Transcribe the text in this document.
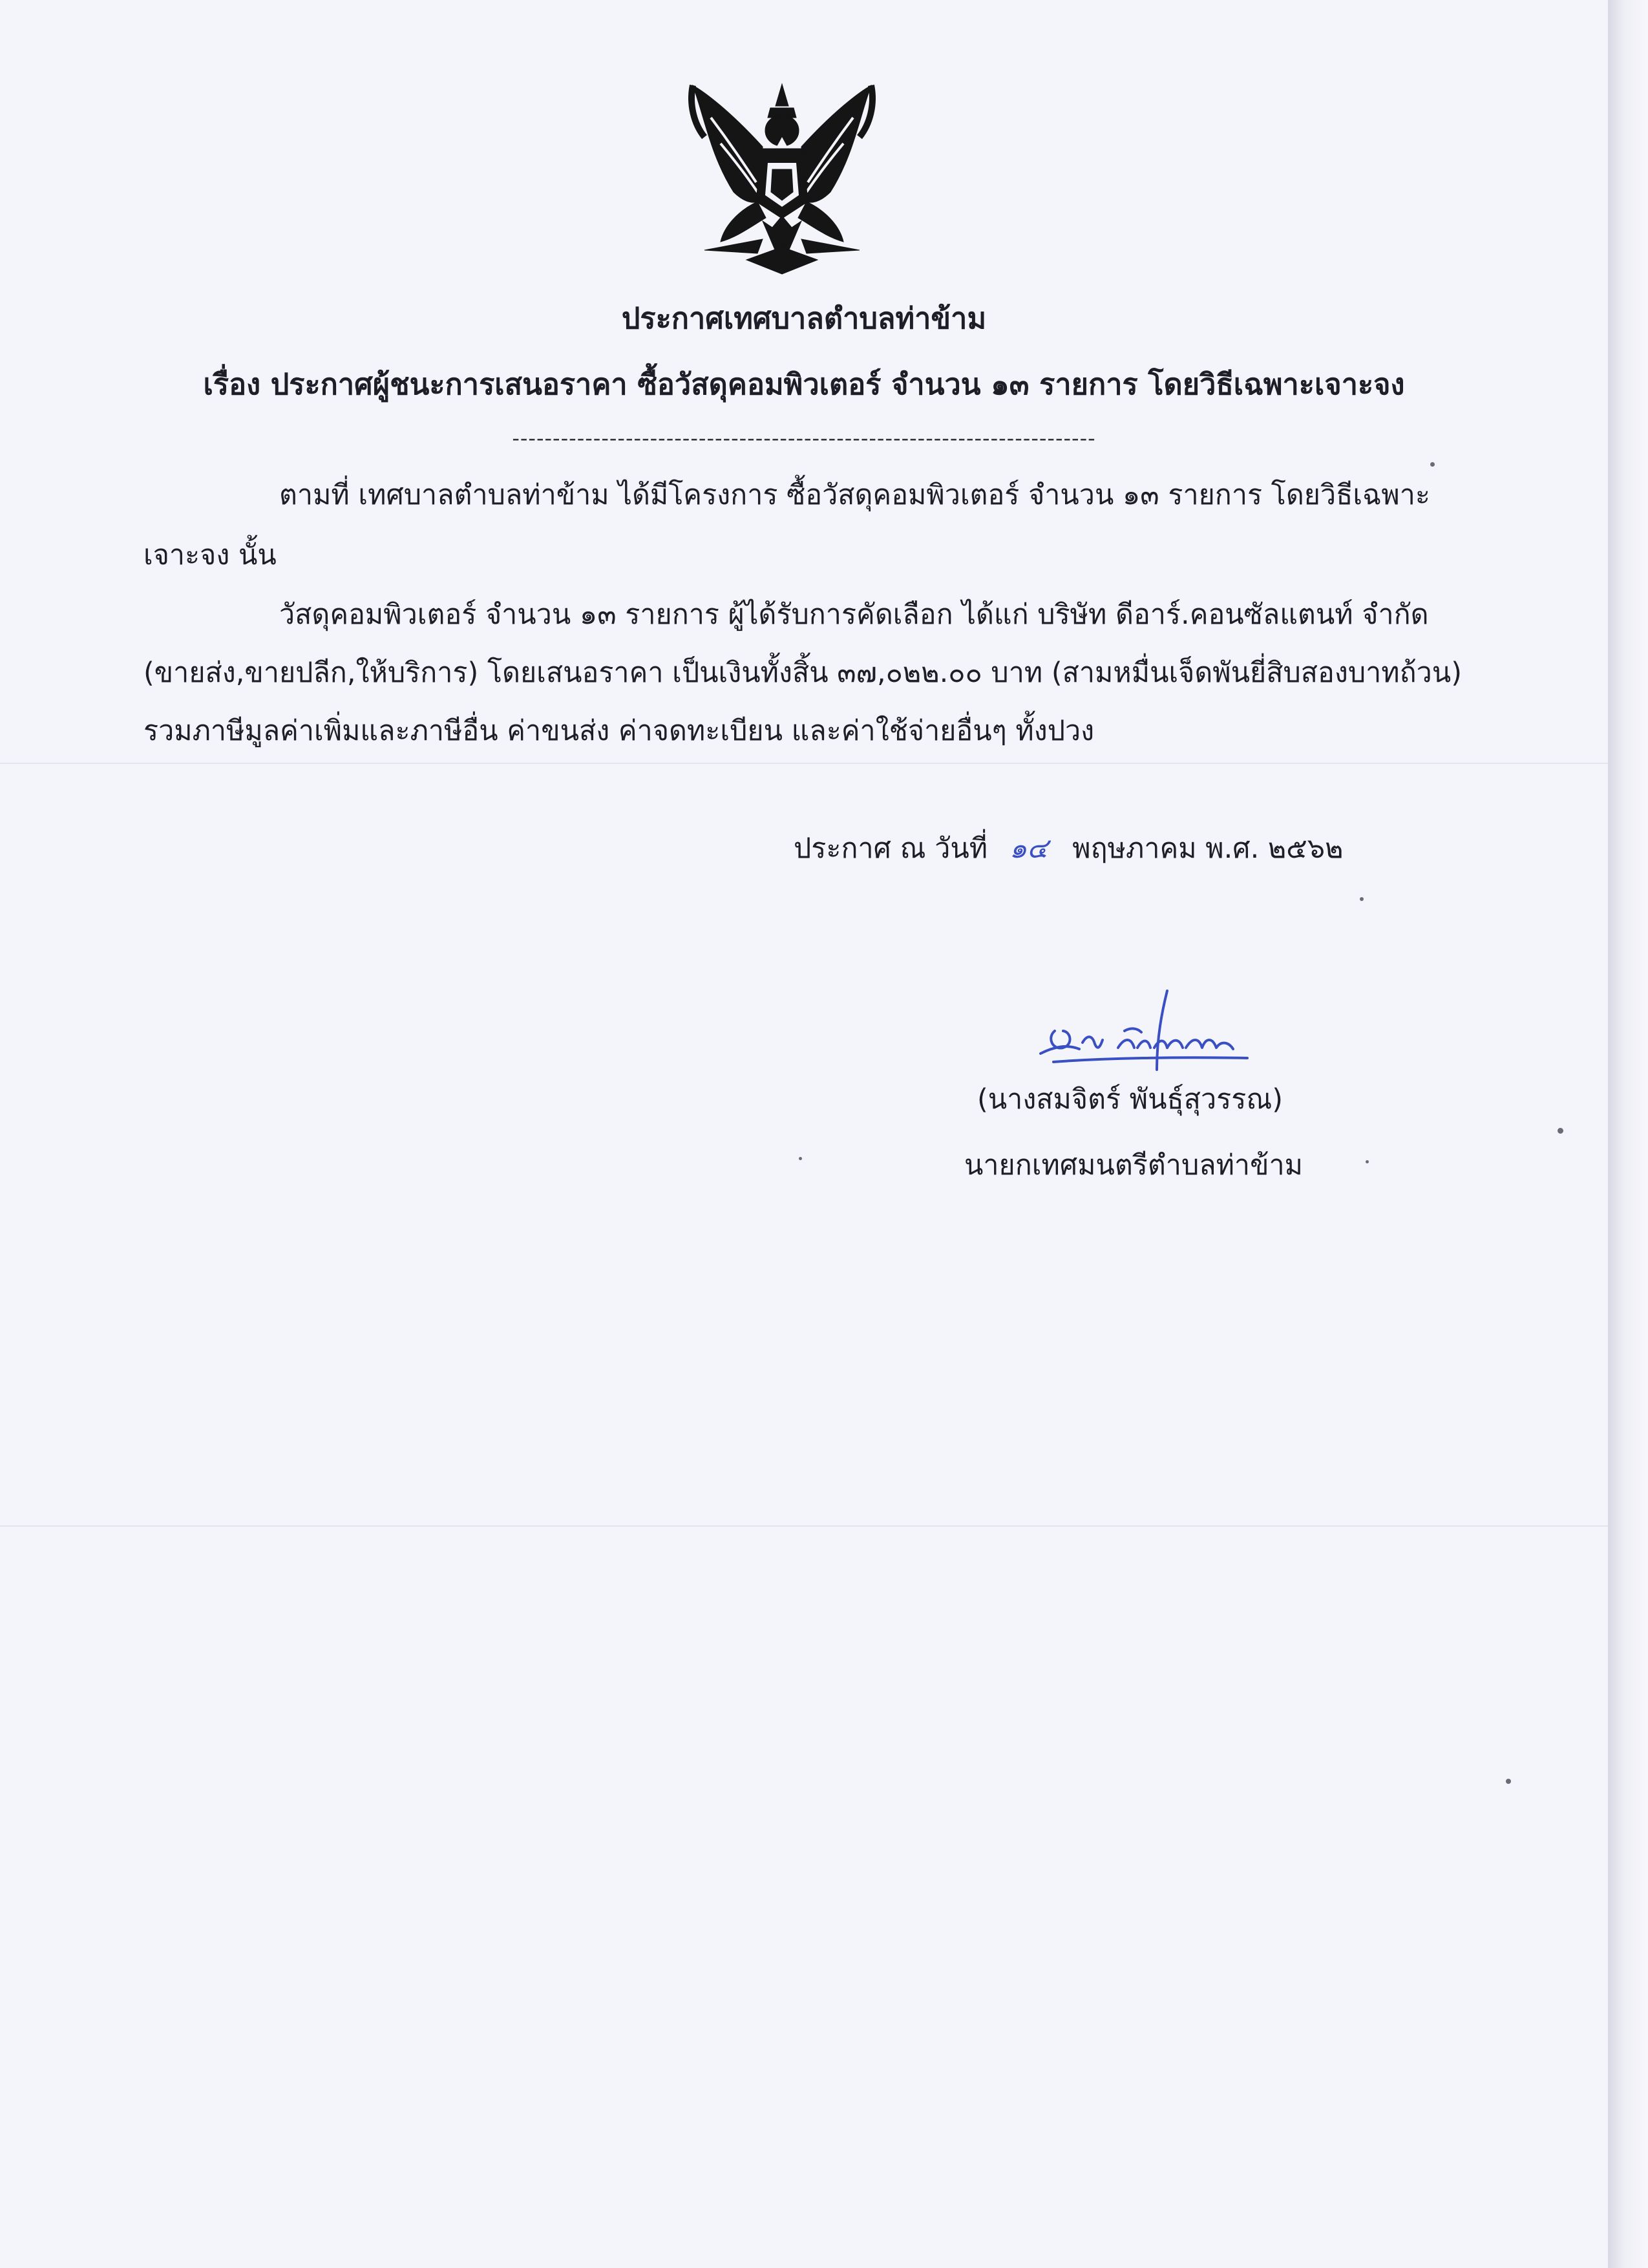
ประกาศเทศบาลตำบลท่าข้าม
เรื่อง ประกาศผู้ชนะการเสนอราคา ซื้อวัสดุคอมพิวเตอร์ จำนวน ๑๓ รายการ โดยวิธีเฉพาะเจาะจง
------------------------------------------------------------------------
ตามที่ เทศบาลตำบลท่าข้าม ได้มีโครงการ ซื้อวัสดุคอมพิวเตอร์ จำนวน ๑๓ รายการ โดยวิธีเฉพาะ
เจาะจง นั้น
วัสดุคอมพิวเตอร์ จำนวน ๑๓ รายการ ผู้ได้รับการคัดเลือก ได้แก่ บริษัท ดีอาร์.คอนซัลแตนท์ จำกัด
(ขายส่ง,ขายปลีก,ให้บริการ) โดยเสนอราคา เป็นเงินทั้งสิ้น ๓๗,๐๒๒.๐๐ บาท (สามหมื่นเจ็ดพันยี่สิบสองบาทถ้วน)
รวมภาษีมูลค่าเพิ่มและภาษีอื่น ค่าขนส่ง ค่าจดทะเบียน และค่าใช้จ่ายอื่นๆ ทั้งปวง
ประกาศ ณ วันที่ ๑๔ พฤษภาคม พ.ศ. ๒๕๖๒
(นางสมจิตร์ พันธุ์สุวรรณ)
นายกเทศมนตรีตำบลท่าข้าม
